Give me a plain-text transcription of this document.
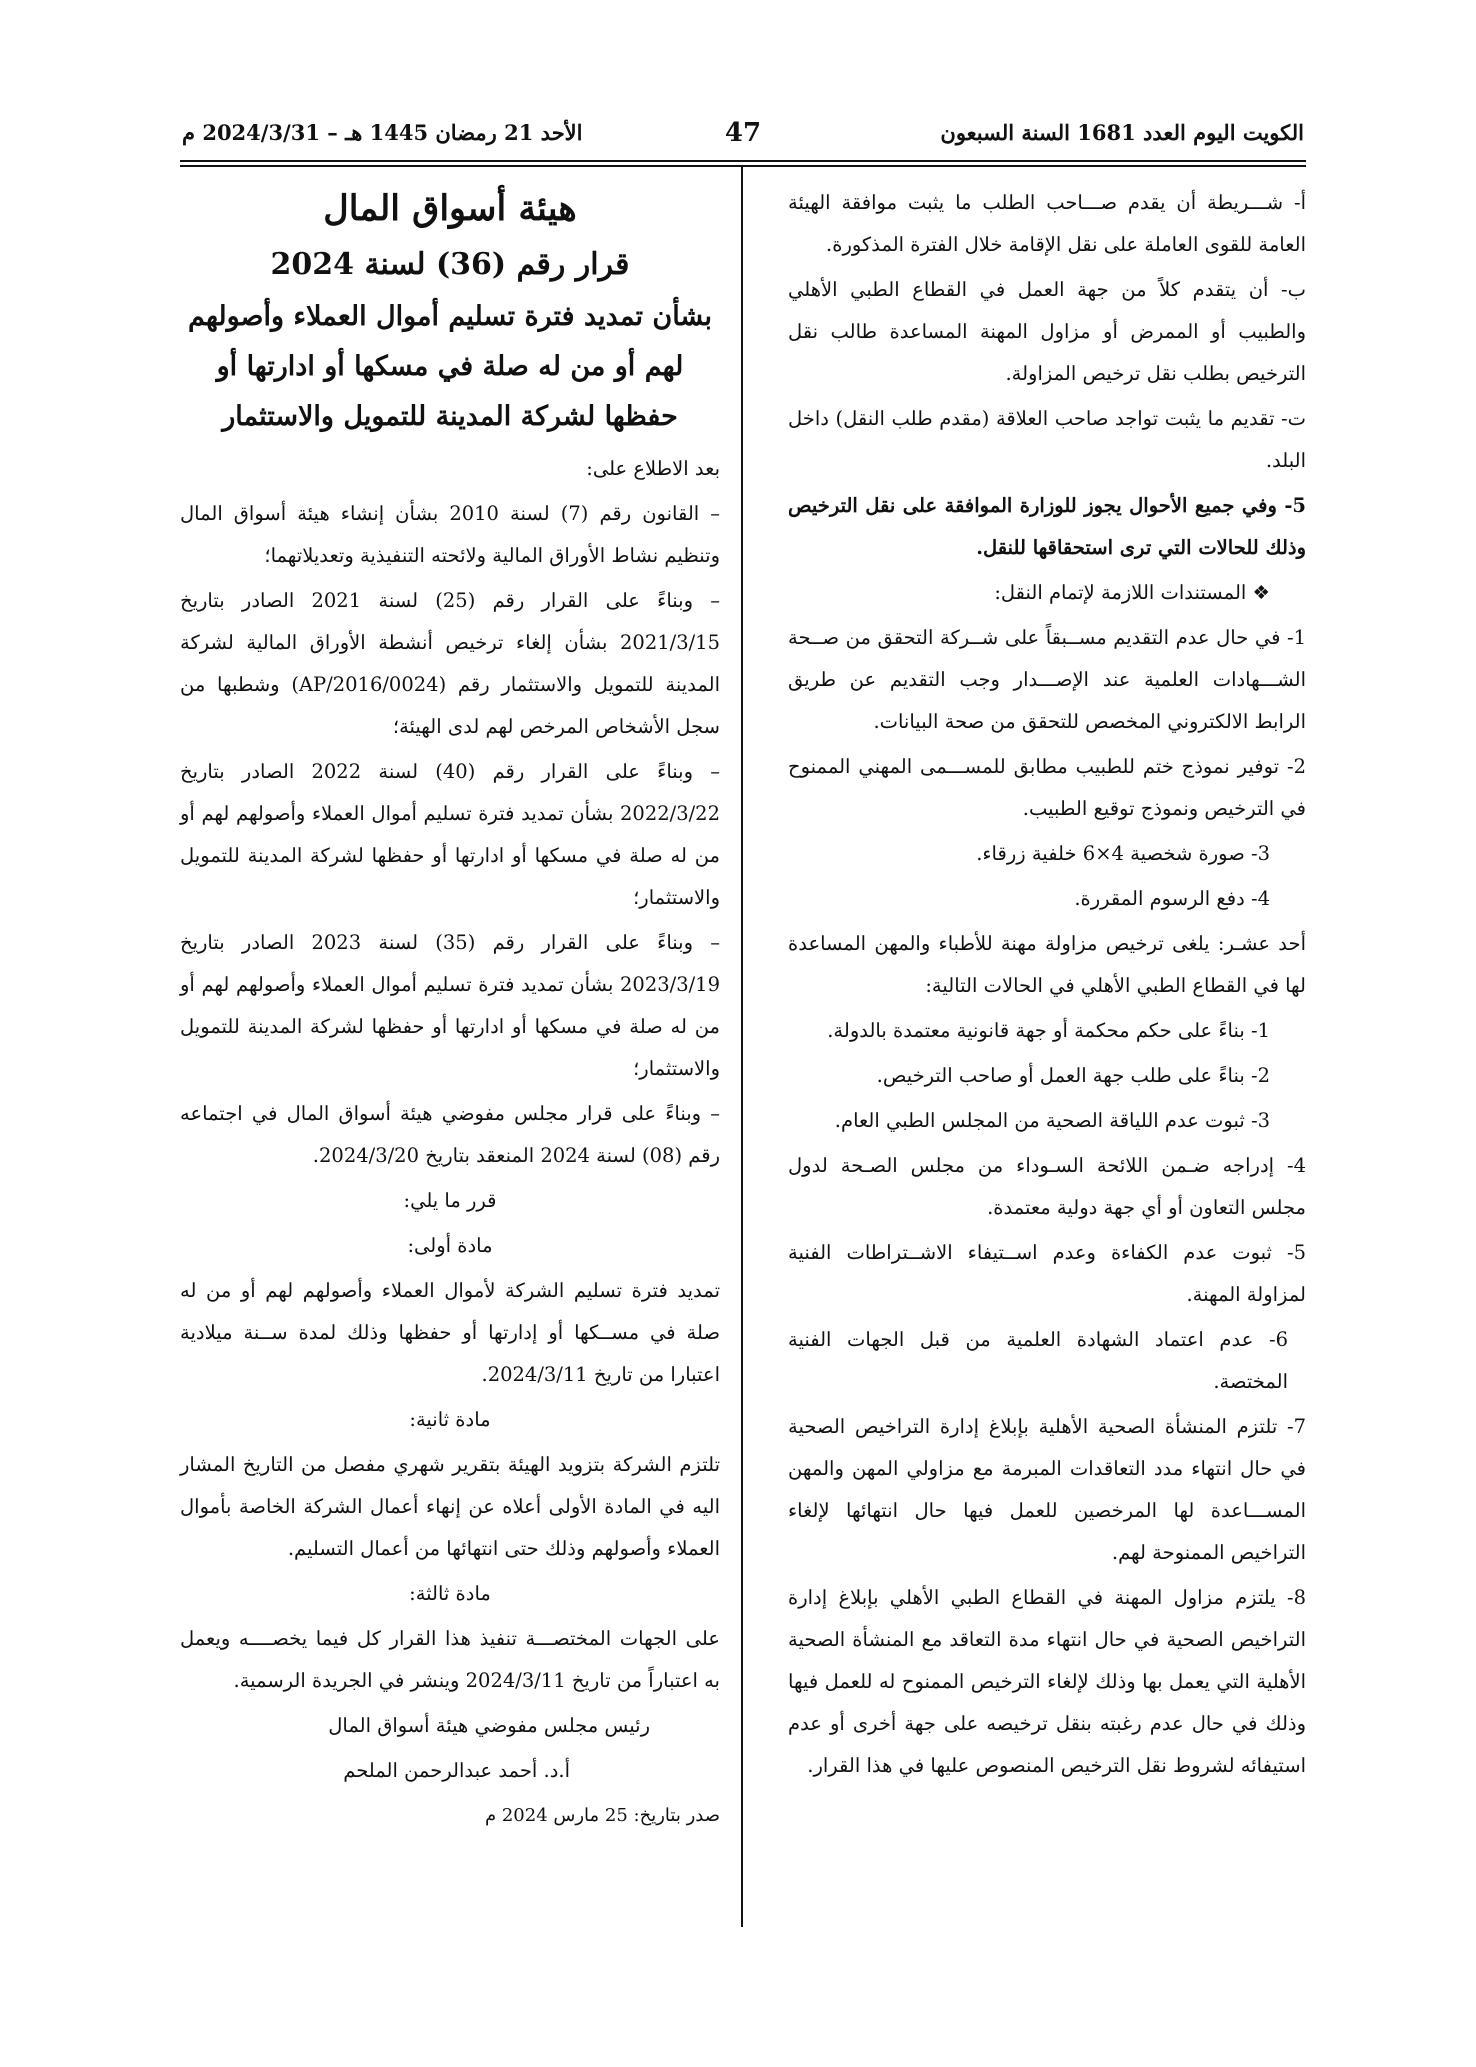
الكويت اليوم العدد 1681 السنة السبعون
47
الأحد 21 رمضان 1445 هـ – 2024/3/31 م

أ- شـــريطة أن يقدم صـــاحب الطلب ما يثبت موافقة الهيئة العامة للقوى العاملة على نقل الإقامة خلال الفترة المذكورة.

ب- أن يتقدم كلاً من جهة العمل في القطاع الطبي الأهلي والطبيب أو الممرض أو مزاول المهنة المساعدة طالب نقل الترخيص بطلب نقل ترخيص المزاولة.

ت- تقديم ما يثبت تواجد صاحب العلاقة (مقدم طلب النقل) داخل البلد.

5- وفي جميع الأحوال يجوز للوزارة الموافقة على نقل الترخيص وذلك للحالات التي ترى استحقاقها للنقل.

❖ المستندات اللازمة لإتمام النقل:

1- في حال عدم التقديم مســبقاً على شــركة التحقق من صــحة الشـــهادات العلمية عند الإصـــدار وجب التقديم عن طريق الرابط الالكتروني المخصص للتحقق من صحة البيانات.

2- توفير نموذج ختم للطبيب مطابق للمســـمى المهني الممنوح في الترخيص ونموذج توقيع الطبيب.

3- صورة شخصية 4×6 خلفية زرقاء.

4- دفع الرسوم المقررة.

أحد عشـر: يلغى ترخيص مزاولة مهنة للأطباء والمهن المساعدة لها في القطاع الطبي الأهلي في الحالات التالية:

1- بناءً على حكم محكمة أو جهة قانونية معتمدة بالدولة.

2- بناءً على طلب جهة العمل أو صاحب الترخيص.

3- ثبوت عدم اللياقة الصحية من المجلس الطبي العام.

4- إدراجه ضـمن اللائحة السـوداء من مجلس الصـحة لدول مجلس التعاون أو أي جهة دولية معتمدة.

5- ثبوت عدم الكفاءة وعدم اســتيفاء الاشــتراطات الفنية لمزاولة المهنة.

6- عدم اعتماد الشهادة العلمية من قبل الجهات الفنية المختصة.

7- تلتزم المنشأة الصحية الأهلية بإبلاغ إدارة التراخيص الصحية في حال انتهاء مدد التعاقدات المبرمة مع مزاولي المهن والمهن المســـاعدة لها المرخصين للعمل فيها حال انتهائها لإلغاء التراخيص الممنوحة لهم.

8- يلتزم مزاول المهنة في القطاع الطبي الأهلي بإبلاغ إدارة التراخيص الصحية في حال انتهاء مدة التعاقد مع المنشأة الصحية الأهلية التي يعمل بها وذلك لإلغاء الترخيص الممنوح له للعمل فيها وذلك في حال عدم رغبته بنقل ترخيصه على جهة أخرى أو عدم استيفائه لشروط نقل الترخيص المنصوص عليها في هذا القرار.

هيئة أسواق المال

قرار رقم (36) لسنة 2024

بشأن تمديد فترة تسليم أموال العملاء وأصولهم لهم أو من له صلة في مسكها أو ادارتها أو حفظها لشركة المدينة للتمويل والاستثمار

بعد الاطلاع على:

– القانون رقم (7) لسنة 2010 بشأن إنشاء هيئة أسواق المال وتنظيم نشاط الأوراق المالية ولائحته التنفيذية وتعديلاتهما؛

– وبناءً على القرار رقم (25) لسنة 2021 الصادر بتاريخ 2021/3/15 بشأن إلغاء ترخيص أنشطة الأوراق المالية لشركة المدينة للتمويل والاستثمار رقم (AP/2016/0024) وشطبها من سجل الأشخاص المرخص لهم لدى الهيئة؛

– وبناءً على القرار رقم (40) لسنة 2022 الصادر بتاريخ 2022/3/22 بشأن تمديد فترة تسليم أموال العملاء وأصولهم لهم أو من له صلة في مسكها أو ادارتها أو حفظها لشركة المدينة للتمويل والاستثمار؛

– وبناءً على القرار رقم (35) لسنة 2023 الصادر بتاريخ 2023/3/19 بشأن تمديد فترة تسليم أموال العملاء وأصولهم لهم أو من له صلة في مسكها أو ادارتها أو حفظها لشركة المدينة للتمويل والاستثمار؛

– وبناءً على قرار مجلس مفوضي هيئة أسواق المال في اجتماعه رقم (08) لسنة 2024 المنعقد بتاريخ 2024/3/20.

قرر ما يلي:

مادة أولى:

تمديد فترة تسليم الشركة لأموال العملاء وأصولهم لهم أو من له صلة في مســكها أو إدارتها أو حفظها وذلك لمدة ســنة ميلادية اعتبارا من تاريخ 2024/3/11.

مادة ثانية:

تلتزم الشركة بتزويد الهيئة بتقرير شهري مفصل من التاريخ المشار اليه في المادة الأولى أعلاه عن إنهاء أعمال الشركة الخاصة بأموال العملاء وأصولهم وذلك حتى انتهائها من أعمال التسليم.

مادة ثالثة:

على الجهات المختصـــة تنفيذ هذا القرار كل فيما يخصــــه ويعمل به اعتباراً من تاريخ 2024/3/11 وينشر في الجريدة الرسمية.

رئيس مجلس مفوضي هيئة أسواق المال

أ.د. أحمد عبدالرحمن الملحم

صدر بتاريخ: 25 مارس 2024 م
